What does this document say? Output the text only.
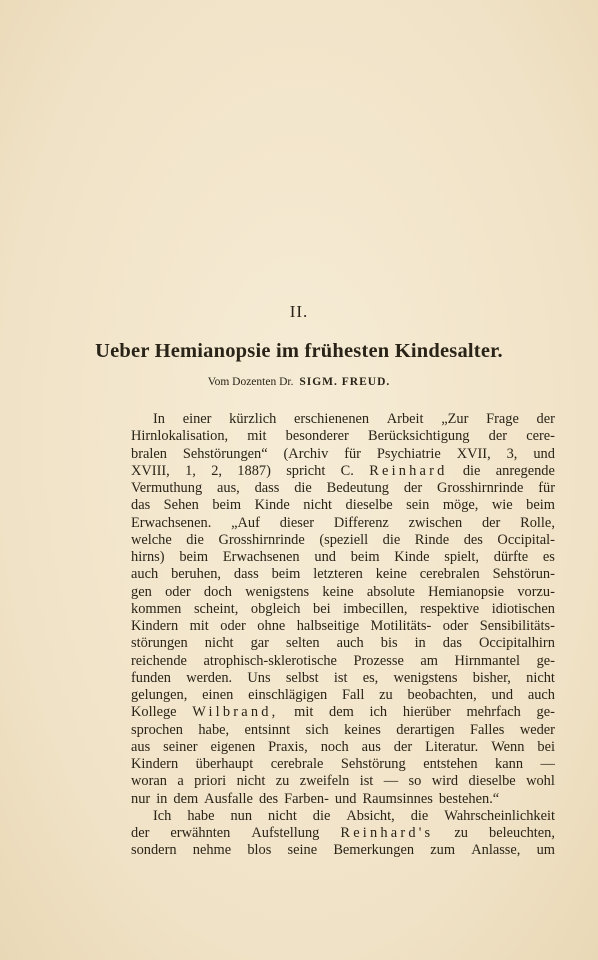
II.
Ueber Hemianopsie im frühesten Kindesalter.
Vom Dozenten Dr. SIGM. FREUD.
In einer kürzlich erschienenen Arbeit „Zur Frage der
Hirnlokalisation, mit besonderer Berücksichtigung der cere-
bralen Sehstörungen“ (Archiv für Psychiatrie XVII, 3, und
XVIII, 1, 2, 1887) spricht C. Reinhard die anregende
Vermuthung aus, dass die Bedeutung der Grosshirnrinde für
das Sehen beim Kinde nicht dieselbe sein möge, wie beim
Erwachsenen. „Auf dieser Differenz zwischen der Rolle,
welche die Grosshirnrinde (speziell die Rinde des Occipital-
hirns) beim Erwachsenen und beim Kinde spielt, dürfte es
auch beruhen, dass beim letzteren keine cerebralen Sehstörun-
gen oder doch wenigstens keine absolute Hemianopsie vorzu-
kommen scheint, obgleich bei imbecillen, respektive idiotischen
Kindern mit oder ohne halbseitige Motilitäts- oder Sensibilitäts-
störungen nicht gar selten auch bis in das Occipitalhirn
reichende atrophisch-sklerotische Prozesse am Hirnmantel ge-
funden werden. Uns selbst ist es, wenigstens bisher, nicht
gelungen, einen einschlägigen Fall zu beobachten, und auch
Kollege Wilbrand, mit dem ich hierüber mehrfach ge-
sprochen habe, entsinnt sich keines derartigen Falles weder
aus seiner eigenen Praxis, noch aus der Literatur. Wenn bei
Kindern überhaupt cerebrale Sehstörung entstehen kann —
woran a priori nicht zu zweifeln ist — so wird dieselbe wohl
nur in dem Ausfalle des Farben- und Raumsinnes bestehen.“
Ich habe nun nicht die Absicht, die Wahrscheinlichkeit
der erwähnten Aufstellung Reinhard's zu beleuchten,
sondern nehme blos seine Bemerkungen zum Anlasse, um
